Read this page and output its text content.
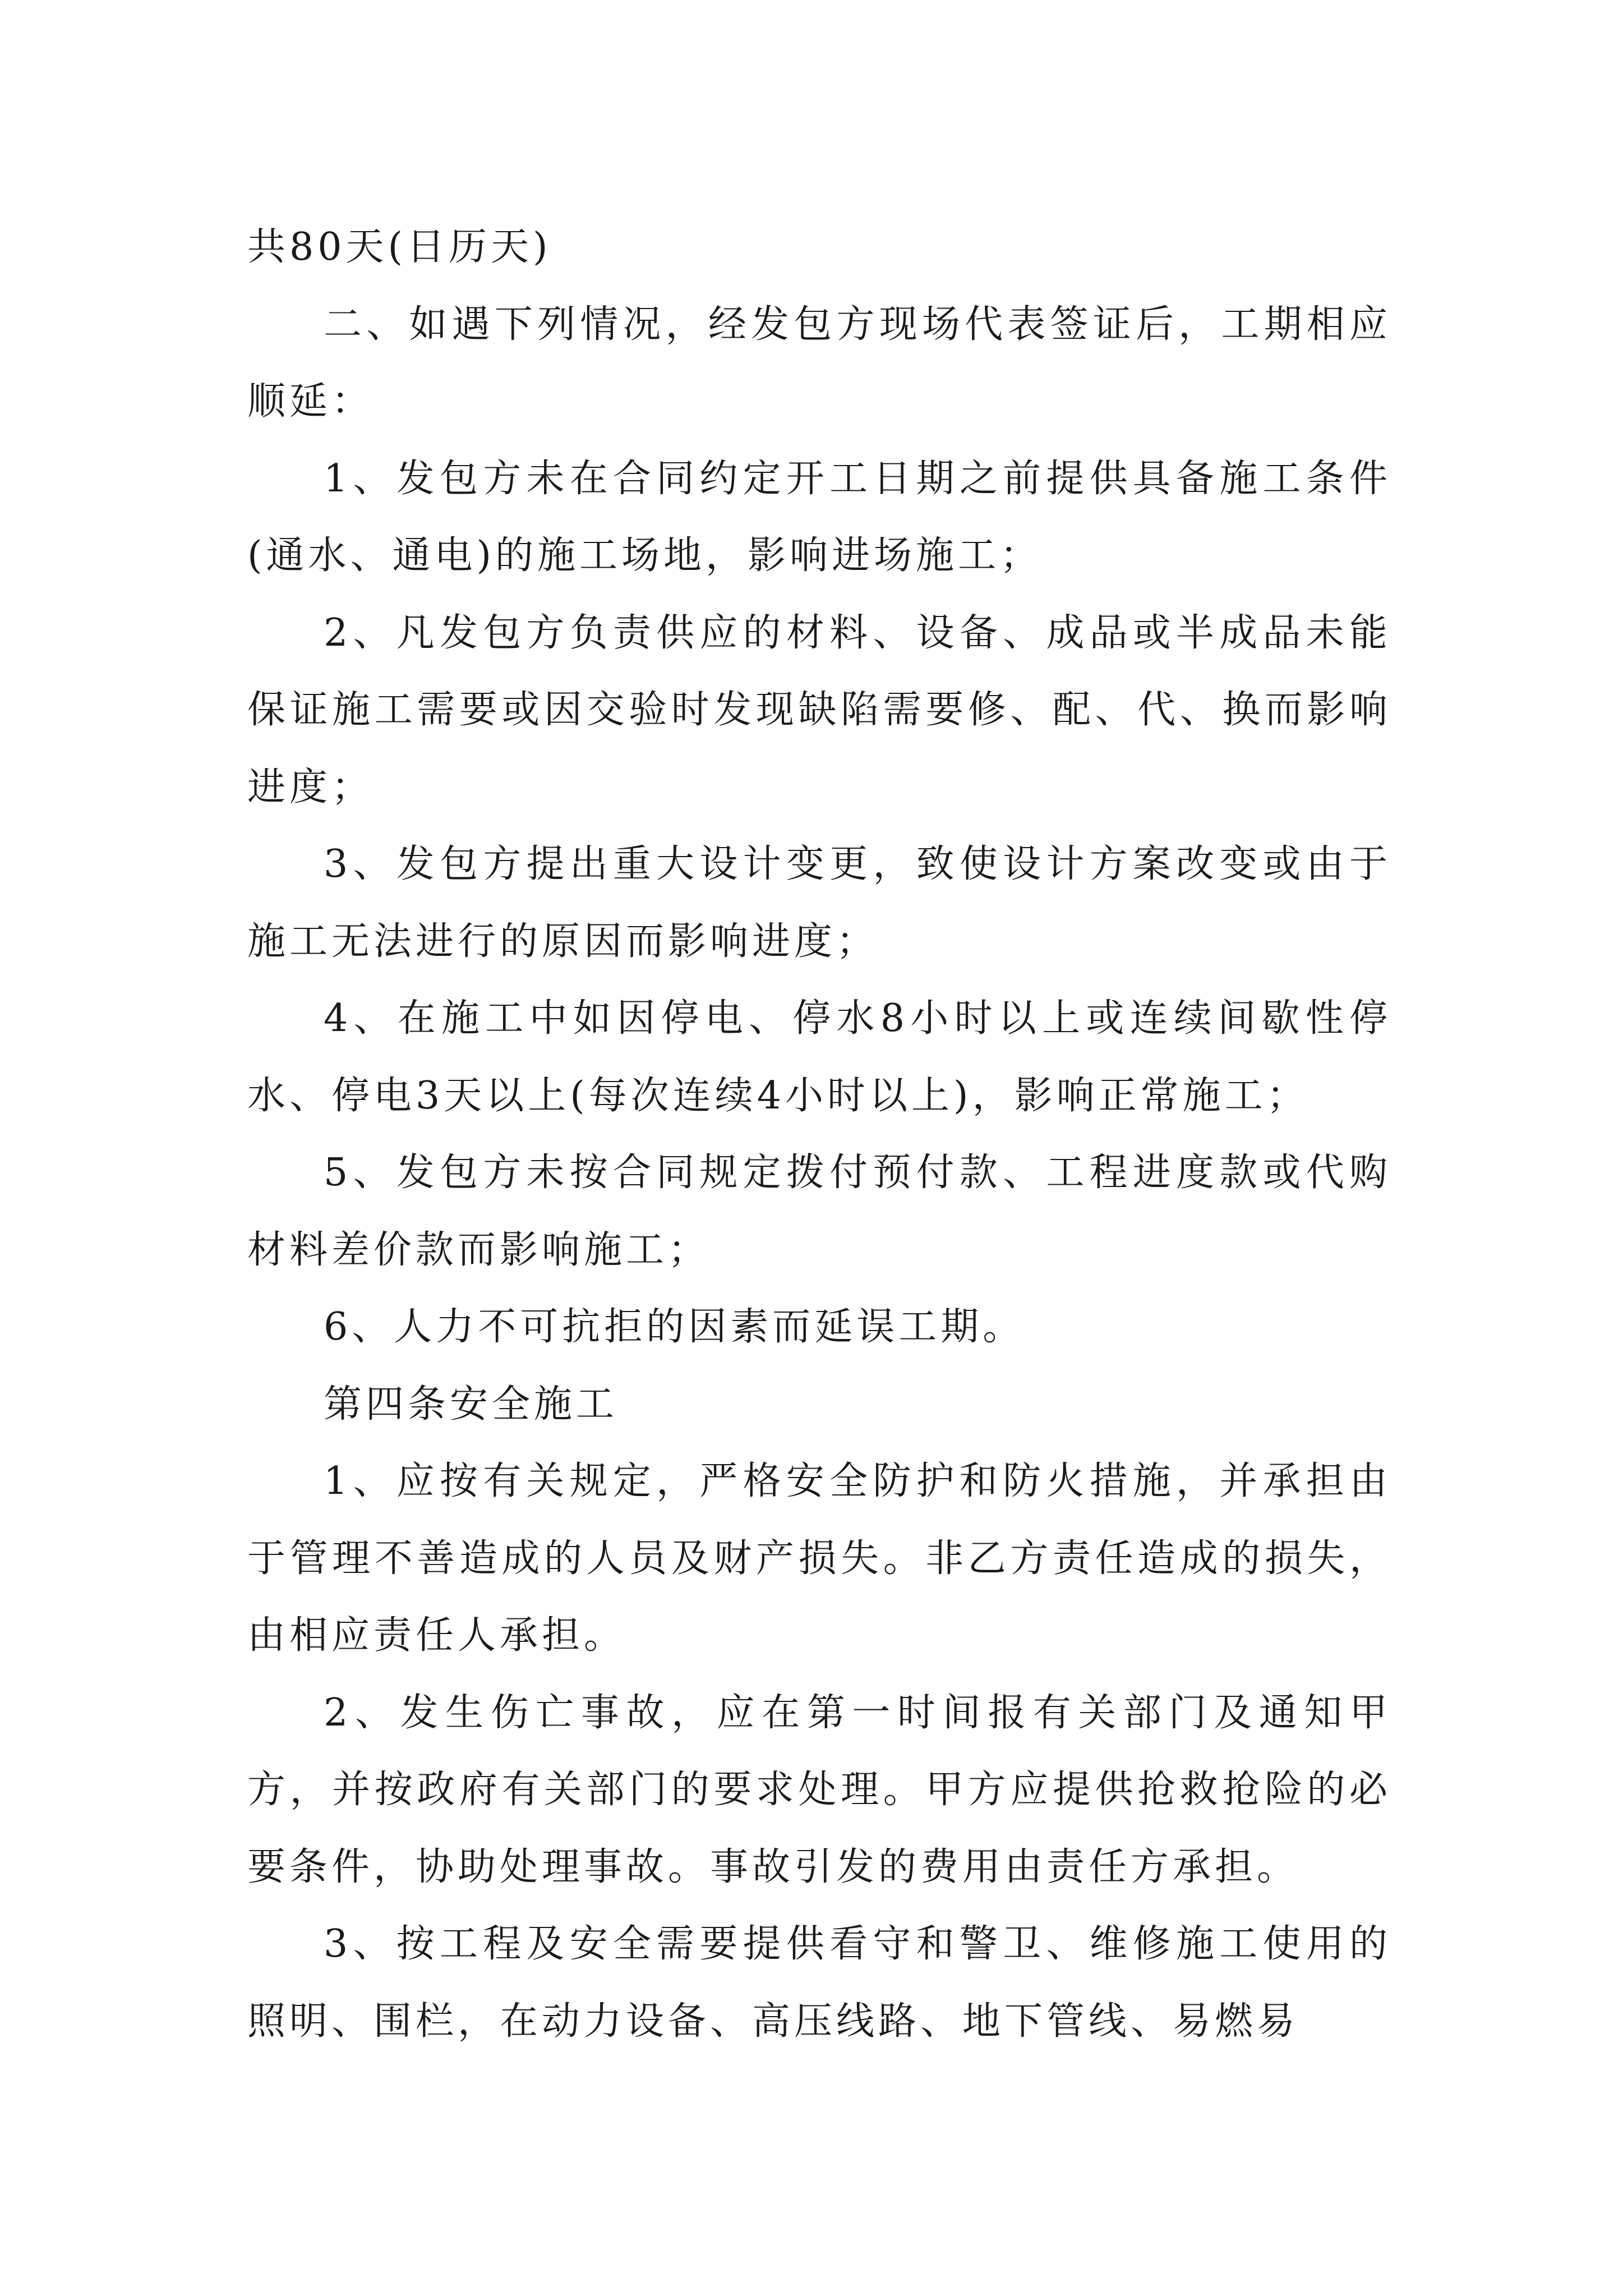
共80天(日历天)

二、如遇下列情况，经发包方现场代表签证后，工期相应顺延：

1、发包方未在合同约定开工日期之前提供具备施工条件(通水、通电)的施工场地，影响进场施工；

2、凡发包方负责供应的材料、设备、成品或半成品未能保证施工需要或因交验时发现缺陷需要修、配、代、换而影响进度；

3、发包方提出重大设计变更，致使设计方案改变或由于施工无法进行的原因而影响进度；

4、在施工中如因停电、停水8小时以上或连续间歇性停水、停电3天以上(每次连续4小时以上)，影响正常施工；

5、发包方未按合同规定拨付预付款、工程进度款或代购材料差价款而影响施工；

6、人力不可抗拒的因素而延误工期。

第四条安全施工

1、应按有关规定，严格安全防护和防火措施，并承担由于管理不善造成的人员及财产损失。非乙方责任造成的损失，由相应责任人承担。

2、发生伤亡事故，应在第一时间报有关部门及通知甲方，并按政府有关部门的要求处理。甲方应提供抢救抢险的必要条件，协助处理事故。事故引发的费用由责任方承担。

3、按工程及安全需要提供看守和警卫、维修施工使用的照明、围栏，在动力设备、高压线路、地下管线、易燃易
